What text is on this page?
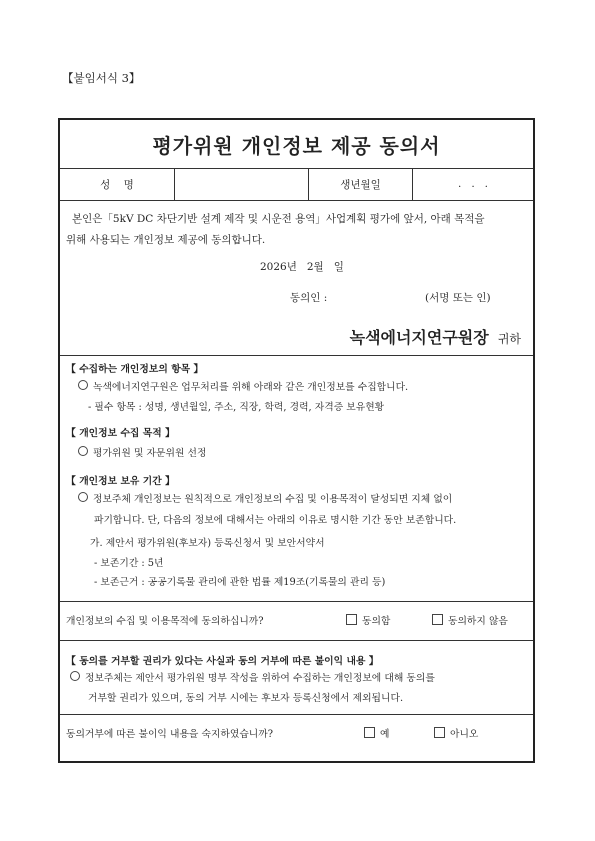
【붙임서식 3】
평가위원 개인정보 제공 동의서
성    명	생년월일	.   .   .
본인은「5kV DC 차단기반 설계 제작 및 시운전 용역」사업계획 평가에 앞서, 아래 목적을
위해 사용되는 개인정보 제공에 동의합니다.
2026년   2월   일
동의인 :	(서명 또는 인)
녹색에너지연구원장 귀하
【 수집하는 개인정보의 항목 】
녹색에너지연구원은 업무처리를 위해 아래와 같은 개인정보를 수집합니다.
- 필수 항목 : 성명, 생년월일, 주소, 직장, 학력, 경력, 자격증 보유현황
【 개인정보 수집 목적 】
평가위원 및 자문위원 선정
【 개인정보 보유 기간 】
정보주체 개인정보는 원칙적으로 개인정보의 수집 및 이용목적이 달성되면 지체 없이
파기합니다. 단, 다음의 정보에 대해서는 아래의 이유로 명시한 기간 동안 보존합니다.
가. 제안서 평가위원(후보자) 등록신청서 및 보안서약서
- 보존기간 : 5년
- 보존근거 : 공공기록물 관리에 관한 법률 제19조(기록물의 관리 등)
개인정보의 수집 및 이용목적에 동의하십니까?	동의함	동의하지 않음
【 동의를 거부할 권리가 있다는 사실과 동의 거부에 따른 불이익 내용 】
정보주체는 제안서 평가위원 명부 작성을 위하여 수집하는 개인정보에 대해 동의를
거부할 권리가 있으며, 동의 거부 시에는 후보자 등록신청에서 제외됩니다.
동의거부에 따른 불이익 내용을 숙지하였습니까?	예	아니오
